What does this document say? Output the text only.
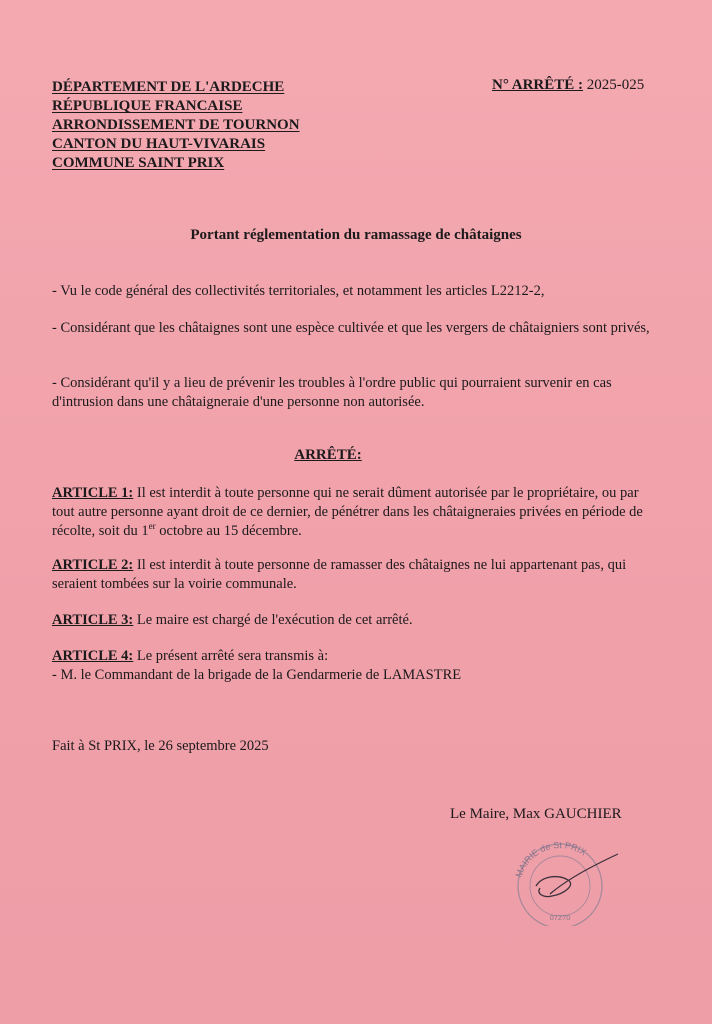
DÉPARTEMENT DE L'ARDECHE
RÉPUBLIQUE FRANCAISE
ARRONDISSEMENT DE TOURNON
CANTON DU HAUT-VIVARAIS
COMMUNE SAINT PRIX
N° ARRÊTÉ : 2025-025
Portant réglementation du ramassage de châtaignes
- Vu le code général des collectivités territoriales, et notamment les articles L2212-2,
- Considérant que les châtaignes sont une espèce cultivée et que les vergers de châtaigniers sont privés,
- Considérant qu'il y a lieu de prévenir les troubles à l'ordre public qui pourraient survenir en cas d'intrusion dans une châtaigneraie d'une personne non autorisée.
ARRÊTÉ:
ARTICLE 1: Il est interdit à toute personne qui ne serait dûment autorisée par le propriétaire, ou par tout autre personne ayant droit de ce dernier, de pénétrer dans les châtaigneraies privées en période de récolte, soit du 1er octobre au 15 décembre.
ARTICLE 2: Il est interdit à toute personne de ramasser des châtaignes ne lui appartenant pas, qui seraient tombées sur la voirie communale.
ARTICLE 3: Le maire est chargé de l'exécution de cet arrêté.
ARTICLE 4: Le présent arrêté sera transmis à:
- M. le Commandant de la brigade de la Gendarmerie de LAMASTRE
Fait à St PRIX, le 26 septembre 2025
Le Maire, Max GAUCHIER
MAIRIE de St PRIX
07270
